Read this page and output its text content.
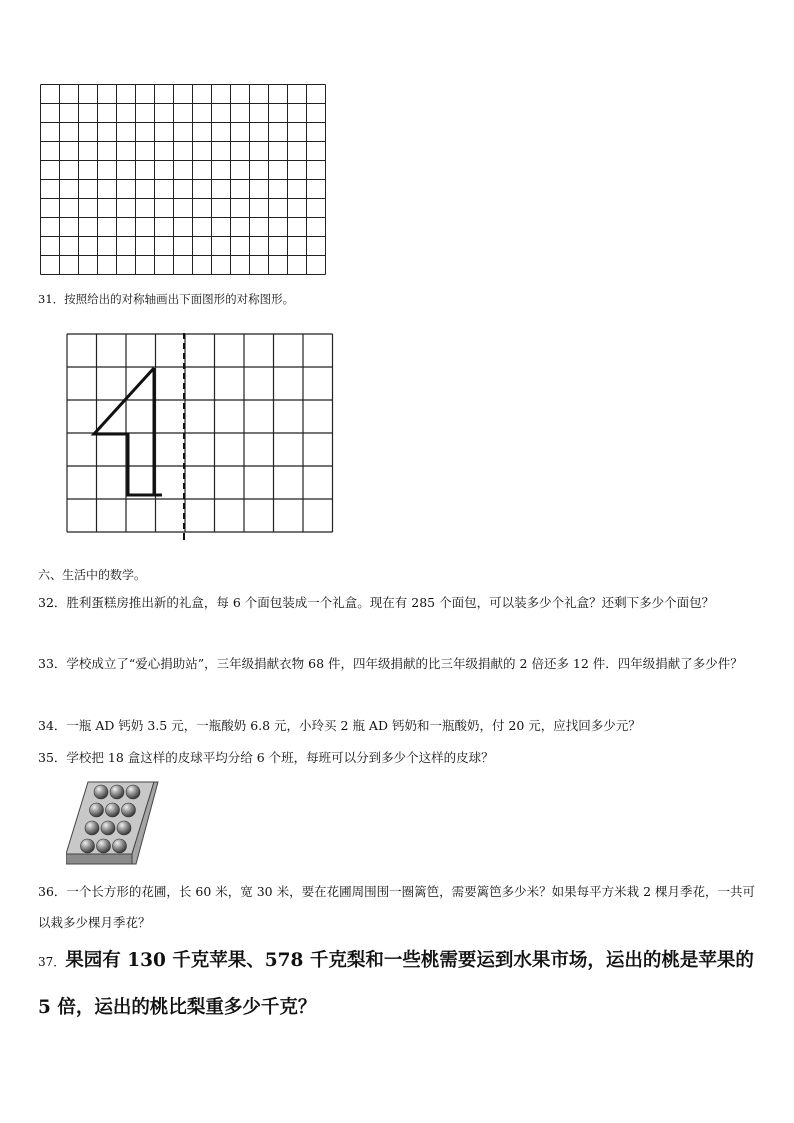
31．按照给出的对称轴画出下面图形的对称图形。
六、生活中的数学。
32．胜利蛋糕房推出新的礼盒，每 6 个面包装成一个礼盒。现在有 285 个面包，可以装多少个礼盒？还剩下多少个面包？
33．学校成立了“爱心捐助站”，三年级捐献衣物 68 件，四年级捐献的比三年级捐献的 2 倍还多 12 件．四年级捐献了多少件？
34．一瓶 AD 钙奶 3.5 元，一瓶酸奶 6.8 元，小玲买 2 瓶 AD 钙奶和一瓶酸奶，付 20 元，应找回多少元？
35．学校把 18 盒这样的皮球平均分给 6 个班，每班可以分到多少个这样的皮球？
36．一个长方形的花圃，长 60 米，宽 30 米，要在花圃周围围一圈篱笆，需要篱笆多少米？如果每平方米栽 2 棵月季花，一共可以栽多少棵月季花？
37．果园有 130 千克苹果、578 千克梨和一些桃需要运到水果市场，运出的桃是苹果的 5 倍，运出的桃比梨重多少千克？
